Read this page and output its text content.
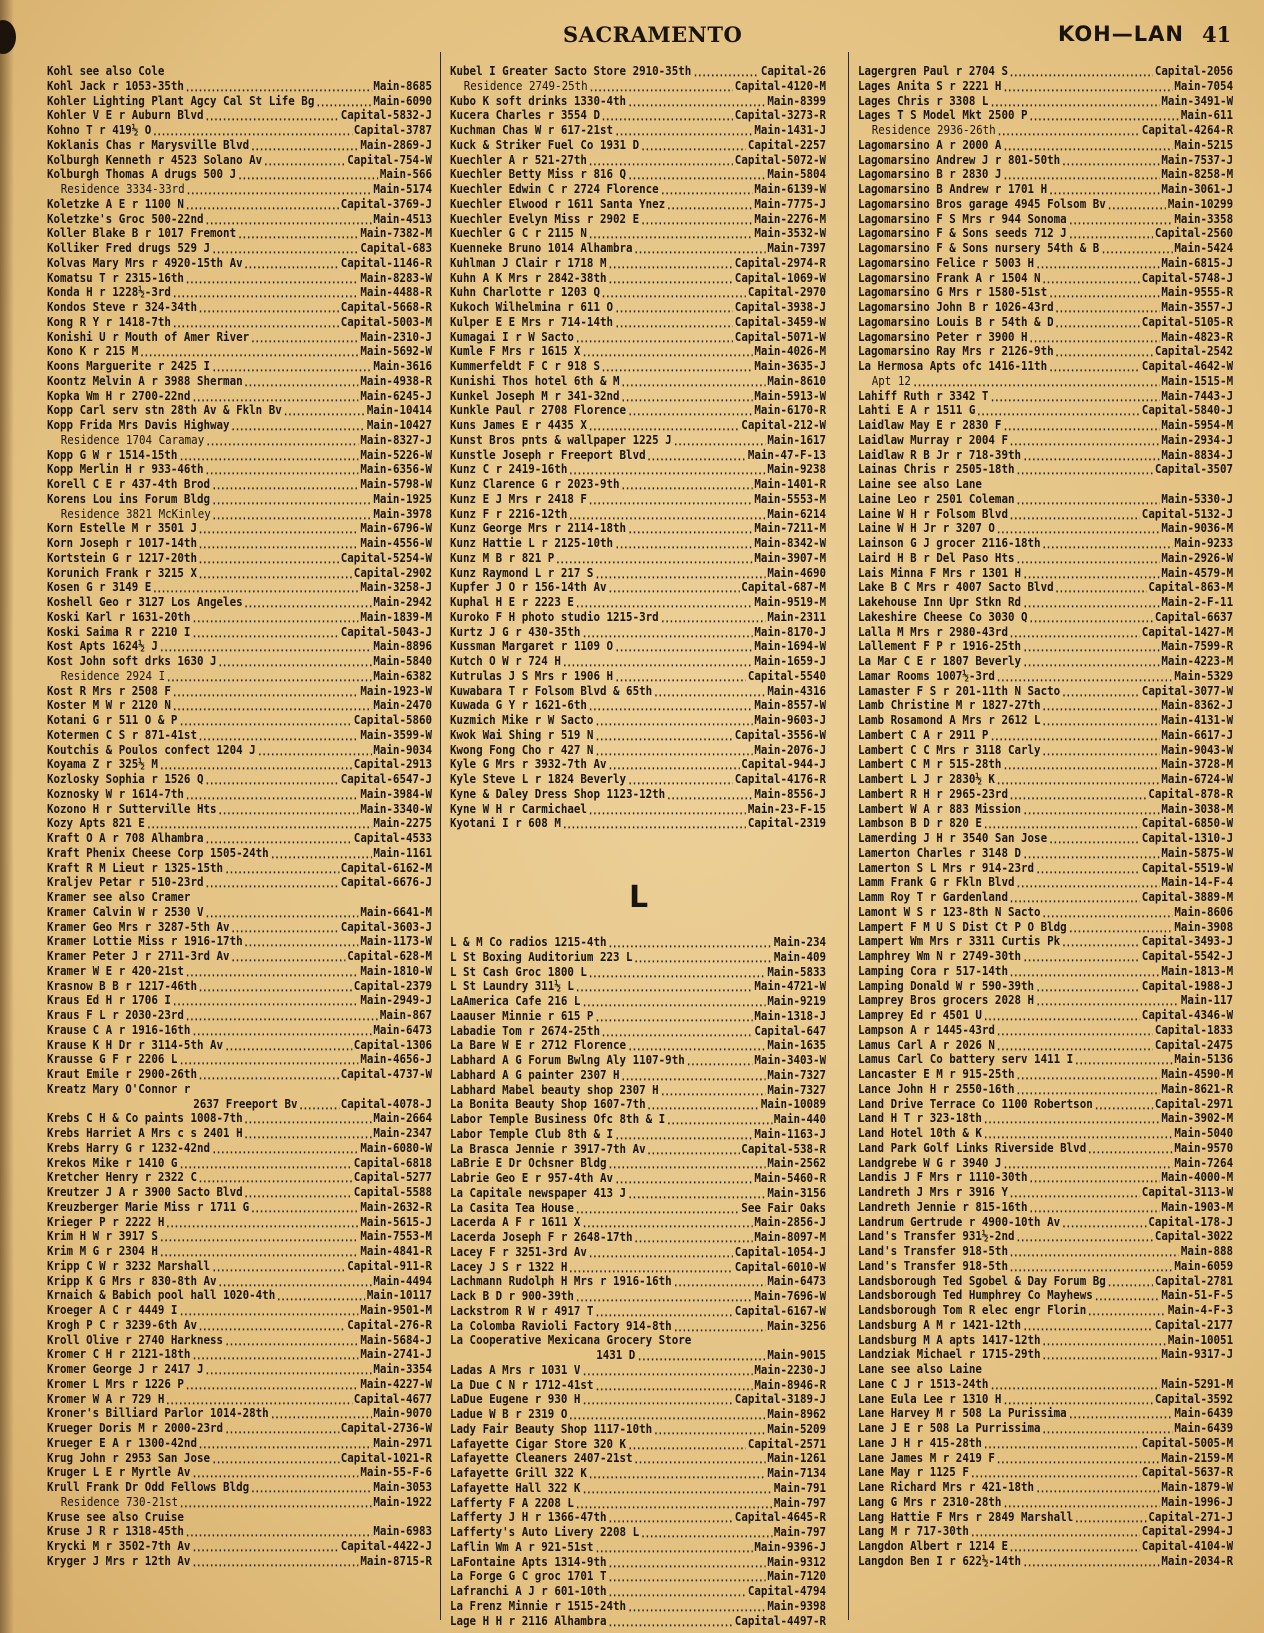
SACRAMENTO	KOH—LAN 41
Kohl see also Cole
Kohl Jack r 1053-35th	Main-8685
Kohler Lighting Plant Agcy Cal St Life Bg	Main-6090
Kohler V E r Auburn Blvd	Capital-5832-J
Kohno T r 419½ O	Capital-3787
Koklanis Chas r Marysville Blvd	Main-2869-J
Kolburgh Kenneth r 4523 Solano Av	Capital-754-W
Kolburgh Thomas A drugs 500 J	Main-566
Residence 3334-33rd	Main-5174
Koletzke A E r 1100 N	Capital-3769-J
Koletzke's Groc 500-22nd	Main-4513
Koller Blake B r 1017 Fremont	Main-7382-M
Kolliker Fred drugs 529 J	Capital-683
Kolvas Mary Mrs r 4920-15th Av	Capital-1146-R
Komatsu T r 2315-16th	Main-8283-W
Konda H r 1228½-3rd	Main-4488-R
Kondos Steve r 324-34th	Capital-5668-R
Kong R Y r 1418-7th	Capital-5003-M
Konishi U r Mouth of Amer River	Main-2310-J
Kono K r 215 M	Main-5692-W
Koons Marguerite r 2425 I	Main-3616
Koontz Melvin A r 3988 Sherman	Main-4938-R
Kopka Wm H r 2700-22nd	Main-6245-J
Kopp Carl serv stn 28th Av & Fkln Bv	Main-10414
Kopp Frida Mrs Davis Highway	Main-10427
Residence 1704 Caramay	Main-8327-J
Kopp G W r 1514-15th	Main-5226-W
Kopp Merlin H r 933-46th	Main-6356-W
Korell C E r 437-4th Brod	Main-5798-W
Korens Lou ins Forum Bldg	Main-1925
Residence 3821 McKinley	Main-3978
Korn Estelle M r 3501 J	Main-6796-W
Korn Joseph r 1017-14th	Main-4556-W
Kortstein G r 1217-20th	Capital-5254-W
Korunich Frank r 3215 X	Capital-2902
Kosen G r 3149 E	Main-3258-J
Koshell Geo r 3127 Los Angeles	Main-2942
Koski Karl r 1631-20th	Main-1839-M
Koski Saima R r 2210 I	Capital-5043-J
Kost Apts 1624½ J	Main-8896
Kost John soft drks 1630 J	Main-5840
Residence 2924 I	Main-6382
Kost R Mrs r 2508 F	Main-1923-W
Koster M W r 2120 N	Main-2470
Kotani G r 511 O & P	Capital-5860
Kotermen C S r 871-41st	Main-3599-W
Koutchis & Poulos confect 1204 J	Main-9034
Koyama Z r 325½ M	Capital-2913
Kozlosky Sophia r 1526 Q	Capital-6547-J
Koznosky W r 1614-7th	Main-3984-W
Kozono H r Sutterville Hts	Main-3340-W
Kozy Apts 821 E	Main-2275
Kraft O A r 708 Alhambra	Capital-4533
Kraft Phenix Cheese Corp 1505-24th	Main-1161
Kraft R M Lieut r 1325-15th	Capital-6162-M
Kraljev Petar r 510-23rd	Capital-6676-J
Kramer see also Cramer
Kramer Calvin W r 2530 V	Main-6641-M
Kramer Geo Mrs r 3287-5th Av	Capital-3603-J
Kramer Lottie Miss r 1916-17th	Main-1173-W
Kramer Peter J r 2711-3rd Av	Capital-628-M
Kramer W E r 420-21st	Main-1810-W
Krasnow B B r 1217-46th	Capital-2379
Kraus Ed H r 1706 I	Main-2949-J
Kraus F L r 2030-23rd	Main-867
Krause C A r 1916-16th	Main-6473
Krause K H Dr r 3114-5th Av	Capital-1306
Krausse G F r 2206 L	Main-4656-J
Kraut Emile r 2900-26th	Capital-4737-W
Kreatz Mary O'Connor r
2637 Freeport Bv	Capital-4078-J
Krebs C H & Co paints 1008-7th	Main-2664
Krebs Harriet A Mrs c s 2401 H	Main-2347
Krebs Harry G r 1232-42nd	Main-6080-W
Krekos Mike r 1410 G	Capital-6818
Kretcher Henry r 2322 C	Capital-5277
Kreutzer J A r 3900 Sacto Blvd	Capital-5588
Kreuzberger Marie Miss r 1711 G	Main-2632-R
Krieger P r 2222 H	Main-5615-J
Krim H W r 3917 S	Main-7553-M
Krim M G r 2304 H	Main-4841-R
Kripp C W r 3232 Marshall	Capital-911-R
Kripp K G Mrs r 830-8th Av	Main-4494
Krnaich & Babich pool hall 1020-4th	Main-10117
Kroeger A C r 4449 I	Main-9501-M
Krogh P C r 3239-6th Av	Capital-276-R
Kroll Olive r 2740 Harkness	Main-5684-J
Kromer C H r 2121-18th	Main-2741-J
Kromer George J r 2417 J	Main-3354
Kromer L Mrs r 1226 P	Main-4227-W
Kromer W A r 729 H	Capital-4677
Kroner's Billiard Parlor 1014-28th	Main-9070
Krueger Doris M r 2000-23rd	Capital-2736-W
Krueger E A r 1300-42nd	Main-2971
Krug John r 2953 San Jose	Capital-1021-R
Kruger L E r Myrtle Av	Main-55-F-6
Krull Frank Dr Odd Fellows Bldg	Main-3053
Residence 730-21st	Main-1922
Kruse see also Cruise
Kruse J R r 1318-45th	Main-6983
Krycki M r 3502-7th Av	Capital-4422-J
Kryger J Mrs r 12th Av	Main-8715-R
Kubel I Greater Sacto Store 2910-35th	Capital-26
Residence 2749-25th	Capital-4120-M
Kubo K soft drinks 1330-4th	Main-8399
Kucera Charles r 3554 D	Capital-3273-R
Kuchman Chas W r 617-21st	Main-1431-J
Kuck & Striker Fuel Co 1931 D	Capital-2257
Kuechler A r 521-27th	Capital-5072-W
Kuechler Betty Miss r 816 Q	Main-5804
Kuechler Edwin C r 2724 Florence	Main-6139-W
Kuechler Elwood r 1611 Santa Ynez	Main-7775-J
Kuechler Evelyn Miss r 2902 E	Main-2276-M
Kuechler G C r 2115 N	Main-3532-W
Kuenneke Bruno 1014 Alhambra	Main-7397
Kuhlman J Clair r 1718 M	Capital-2974-R
Kuhn A K Mrs r 2842-38th	Capital-1069-W
Kuhn Charlotte r 1203 Q	Capital-2970
Kukoch Wilhelmina r 611 O	Capital-3938-J
Kulper E E Mrs r 714-14th	Capital-3459-W
Kumagai I r W Sacto	Capital-5071-W
Kumle F Mrs r 1615 X	Main-4026-M
Kummerfeldt F C r 918 S	Main-3635-J
Kunishi Thos hotel 6th & M	Main-8610
Kunkel Joseph M r 341-32nd	Main-5913-W
Kunkle Paul r 2708 Florence	Main-6170-R
Kuns James E r 4435 X	Capital-212-W
Kunst Bros pnts & wallpaper 1225 J	Main-1617
Kunstle Joseph r Freeport Blvd	Main-47-F-13
Kunz C r 2419-16th	Main-9238
Kunz Clarence G r 2023-9th	Main-1401-R
Kunz E J Mrs r 2418 F	Main-5553-M
Kunz F r 2216-12th	Main-6214
Kunz George Mrs r 2114-18th	Main-7211-M
Kunz Hattie L r 2125-10th	Main-8342-W
Kunz M B r 821 P	Main-3907-M
Kunz Raymond L r 217 S	Main-4690
Kupfer J O r 156-14th Av	Capital-687-M
Kuphal H E r 2223 E	Main-9519-M
Kuroko F H photo studio 1215-3rd	Main-2311
Kurtz J G r 430-35th	Main-8170-J
Kussman Margaret r 1109 O	Main-1694-W
Kutch O W r 724 H	Main-1659-J
Kutrulas J S Mrs r 1906 H	Capital-5540
Kuwabara T r Folsom Blvd & 65th	Main-4316
Kuwada G Y r 1621-6th	Main-8557-W
Kuzmich Mike r W Sacto	Main-9603-J
Kwok Wai Shing r 519 N	Capital-3556-W
Kwong Fong Cho r 427 N	Main-2076-J
Kyle G Mrs r 3932-7th Av	Capital-944-J
Kyle Steve L r 1824 Beverly	Capital-4176-R
Kyne & Daley Dress Shop 1123-12th	Main-8556-J
Kyne W H r Carmichael	Main-23-F-15
Kyotani I r 608 M	Capital-2319
L
L & M Co radios 1215-4th	Main-234
L St Boxing Auditorium 223 L	Main-409
L St Cash Groc 1800 L	Main-5833
L St Laundry 311½ L	Main-4721-W
LaAmerica Cafe 216 L	Main-9219
Laauser Minnie r 615 P	Main-1318-J
Labadie Tom r 2674-25th	Capital-647
La Bare W E r 2712 Florence	Main-1635
Labhard A G Forum Bwlng Aly 1107-9th	Main-3403-W
Labhard A G painter 2307 H	Main-7327
Labhard Mabel beauty shop 2307 H	Main-7327
La Bonita Beauty Shop 1607-7th	Main-10089
Labor Temple Business Ofc 8th & I	Main-440
Labor Temple Club 8th & I	Main-1163-J
La Brasca Jennie r 3917-7th Av	Capital-538-R
LaBrie E Dr Ochsner Bldg	Main-2562
Labrie Geo E r 957-4th Av	Main-5460-R
La Capitale newspaper 413 J	Main-3156
La Casita Tea House	See Fair Oaks
Lacerda A F r 1611 X	Main-2856-J
Lacerda Joseph F r 2648-17th	Main-8097-M
Lacey F r 3251-3rd Av	Capital-1054-J
Lacey J S r 1322 H	Capital-6010-W
Lachmann Rudolph H Mrs r 1916-16th	Main-6473
Lack B D r 900-39th	Main-7696-W
Lackstrom R W r 4917 T	Capital-6167-W
La Colomba Ravioli Factory 914-8th	Main-3256
La Cooperative Mexicana Grocery Store
1431 D	Main-9015
Ladas A Mrs r 1031 V	Main-2230-J
La Due C N r 1712-41st	Main-8946-R
LaDue Eugene r 930 H	Capital-3189-J
Ladue W B r 2319 O	Main-8962
Lady Fair Beauty Shop 1117-10th	Main-5209
Lafayette Cigar Store 320 K	Capital-2571
Lafayette Cleaners 2407-21st	Main-1261
Lafayette Grill 322 K	Main-7134
Lafayette Hall 322 K	Main-791
Lafferty F A 2208 L	Main-797
Lafferty J H r 1366-47th	Capital-4645-R
Lafferty's Auto Livery 2208 L	Main-797
Laflin Wm A r 921-51st	Main-9396-J
LaFontaine Apts 1314-9th	Main-9312
La Forge G C groc 1701 T	Main-7120
Lafranchi A J r 601-10th	Capital-4794
La Frenz Minnie r 1515-24th	Main-9398
Lage H H r 2116 Alhambra	Capital-4497-R
Lagergren Paul r 2704 S	Capital-2056
Lages Anita S r 2221 H	Main-7054
Lages Chris r 3308 L	Main-3491-W
Lages T S Model Mkt 2500 P	Main-611
Residence 2936-26th	Capital-4264-R
Lagomarsino A r 2000 A	Main-5215
Lagomarsino Andrew J r 801-50th	Main-7537-J
Lagomarsino B r 2830 J	Main-8258-M
Lagomarsino B Andrew r 1701 H	Main-3061-J
Lagomarsino Bros garage 4945 Folsom Bv	Main-10299
Lagomarsino F S Mrs r 944 Sonoma	Main-3358
Lagomarsino F & Sons seeds 712 J	Capital-2560
Lagomarsino F & Sons nursery 54th & B	Main-5424
Lagomarsino Felice r 5003 H	Main-6815-J
Lagomarsino Frank A r 1504 N	Capital-5748-J
Lagomarsino G Mrs r 1580-51st	Main-9555-R
Lagomarsino John B r 1026-43rd	Main-3557-J
Lagomarsino Louis B r 54th & D	Capital-5105-R
Lagomarsino Peter r 3900 H	Main-4823-R
Lagomarsino Ray Mrs r 2126-9th	Capital-2542
La Hermosa Apts ofc 1416-11th	Capital-4642-W
Apt 12	Main-1515-M
Lahiff Ruth r 3342 T	Main-7443-J
Lahti E A r 1511 G	Capital-5840-J
Laidlaw May E r 2830 F	Main-5954-M
Laidlaw Murray r 2004 F	Main-2934-J
Laidlaw R B Jr r 718-39th	Main-8834-J
Lainas Chris r 2505-18th	Capital-3507
Laine see also Lane
Laine Leo r 2501 Coleman	Main-5330-J
Laine W H r Folsom Blvd	Capital-5132-J
Laine W H Jr r 3207 O	Main-9036-M
Lainson G J grocer 2116-18th	Main-9233
Laird H B r Del Paso Hts	Main-2926-W
Lais Minna F Mrs r 1301 H	Main-4579-M
Lake B C Mrs r 4007 Sacto Blvd	Capital-863-M
Lakehouse Inn Upr Stkn Rd	Main-2-F-11
Lakeshire Cheese Co 3030 Q	Capital-6637
Lalla M Mrs r 2980-43rd	Capital-1427-M
Lallement F P r 1916-25th	Main-7599-R
La Mar C E r 1807 Beverly	Main-4223-M
Lamar Rooms 1007½-3rd	Main-5329
Lamaster F S r 201-11th N Sacto	Capital-3077-W
Lamb Christine M r 1827-27th	Main-8362-J
Lamb Rosamond A Mrs r 2612 L	Main-4131-W
Lambert C A r 2911 P	Main-6617-J
Lambert C C Mrs r 3118 Carly	Main-9043-W
Lambert C M r 515-28th	Main-3728-M
Lambert L J r 2830½ K	Main-6724-W
Lambert R H r 2965-23rd	Capital-878-R
Lambert W A r 883 Mission	Main-3038-M
Lambson B D r 820 E	Capital-6850-W
Lamerding J H r 3540 San Jose	Capital-1310-J
Lamerton Charles r 3148 D	Main-5875-W
Lamerton S L Mrs r 914-23rd	Capital-5519-W
Lamm Frank G r Fkln Blvd	Main-14-F-4
Lamm Roy T r Gardenland	Capital-3889-M
Lamont W S r 123-8th N Sacto	Main-8606
Lampert F M U S Dist Ct P O Bldg	Main-3908
Lampert Wm Mrs r 3311 Curtis Pk	Capital-3493-J
Lamphrey Wm N r 2749-30th	Capital-5542-J
Lamping Cora r 517-14th	Main-1813-M
Lamping Donald W r 590-39th	Capital-1988-J
Lamprey Bros grocers 2028 H	Main-117
Lamprey Ed r 4501 U	Capital-4346-W
Lampson A r 1445-43rd	Capital-1833
Lamus Carl A r 2026 N	Capital-2475
Lamus Carl Co battery serv 1411 I	Main-5136
Lancaster E M r 915-25th	Main-4590-M
Lance John H r 2550-16th	Main-8621-R
Land Drive Terrace Co 1100 Robertson	Capital-2971
Land H T r 323-18th	Main-3902-M
Land Hotel 10th & K	Main-5040
Land Park Golf Links Riverside Blvd	Main-9570
Landgrebe W G r 3940 J	Main-7264
Landis J F Mrs r 1110-30th	Main-4000-M
Landreth J Mrs r 3916 Y	Capital-3113-W
Landreth Jennie r 815-16th	Main-1903-M
Landrum Gertrude r 4900-10th Av	Capital-178-J
Land's Transfer 931½-2nd	Capital-3022
Land's Transfer 918-5th	Main-888
Land's Transfer 918-5th	Main-6059
Landsborough Ted Sgobel & Day Forum Bg	Capital-2781
Landsborough Ted Humphrey Co Mayhews	Main-51-F-5
Landsborough Tom R elec engr Florin	Main-4-F-3
Landsburg A M r 1421-12th	Capital-2177
Landsburg M A apts 1417-12th	Main-10051
Landziak Michael r 1715-29th	Main-9317-J
Lane see also Laine
Lane C J r 1513-24th	Main-5291-M
Lane Eula Lee r 1310 H	Capital-3592
Lane Harvey M r 508 La Purissima	Main-6439
Lane J E r 508 La Purrissima	Main-6439
Lane J H r 415-28th	Capital-5005-M
Lane James M r 2419 F	Main-2159-M
Lane May r 1125 F	Capital-5637-R
Lane Richard Mrs r 421-18th	Main-1879-W
Lang G Mrs r 2310-28th	Main-1996-J
Lang Hattie F Mrs r 2849 Marshall	Capital-271-J
Lang M r 717-30th	Capital-2994-J
Langdon Albert r 1214 E	Capital-4104-W
Langdon Ben I r 622½-14th	Main-2034-R
